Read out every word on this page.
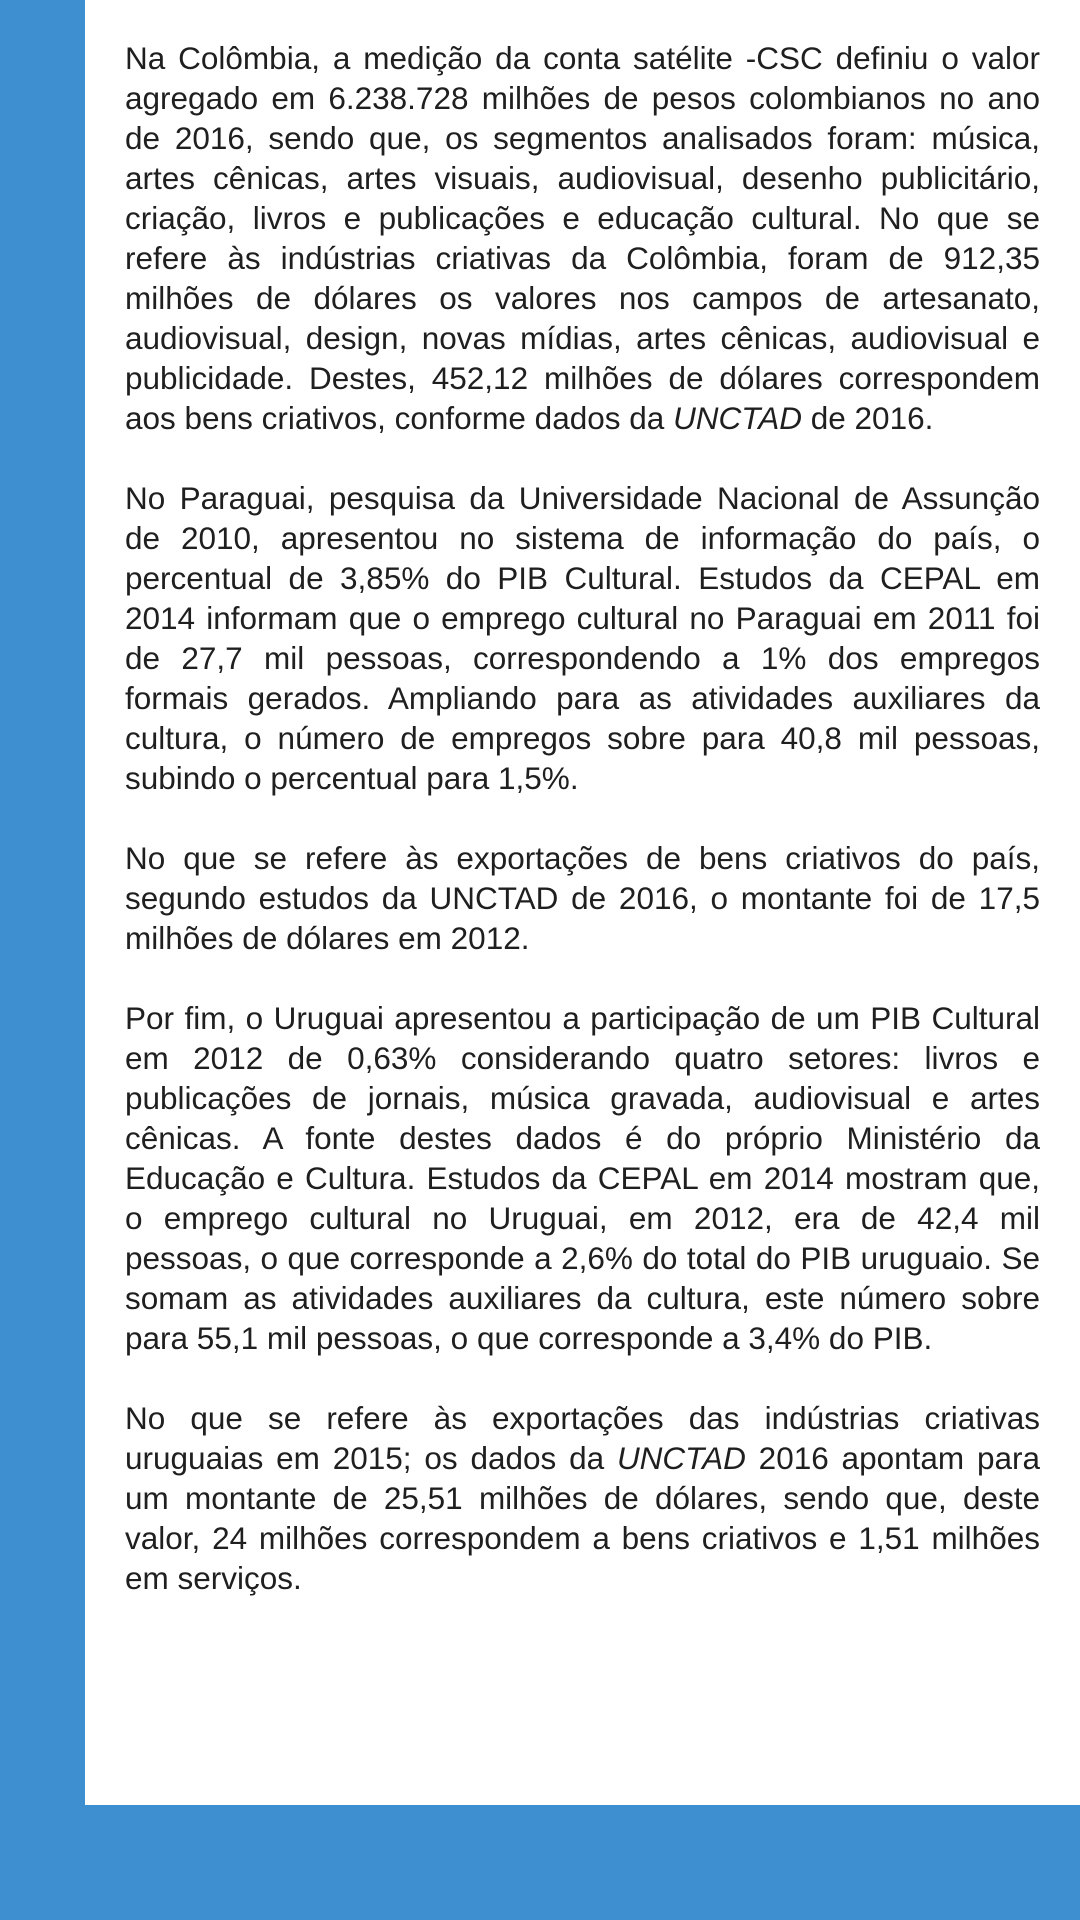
Na Colômbia, a medição da conta satélite -CSC definiu o valor agregado em 6.238.728 milhões de pesos colombianos no ano de 2016, sendo que, os segmentos analisados foram: música, artes cênicas, artes visuais, audiovisual, desenho publicitário, criação, livros e publicações e educação cultural. No que se refere às indústrias criativas da Colômbia, foram de 912,35 milhões de dólares os valores nos campos de artesanato, audiovisual, design, novas mídias, artes cênicas, audiovisual e publicidade. Destes, 452,12 milhões de dólares correspondem aos bens criativos, conforme dados da UNCTAD de 2016.

No Paraguai, pesquisa da Universidade Nacional de Assunção de 2010, apresentou no sistema de informação do país, o percentual de 3,85% do PIB Cultural. Estudos da CEPAL em 2014 informam que o emprego cultural no Paraguai em 2011 foi de 27,7 mil pessoas, correspondendo a 1% dos empregos formais gerados. Ampliando para as atividades auxiliares da cultura, o número de empregos sobre para 40,8 mil pessoas, subindo o percentual para 1,5%.

No que se refere às exportações de bens criativos do país, segundo estudos da UNCTAD de 2016, o montante foi de 17,5 milhões de dólares em 2012.

Por fim, o Uruguai apresentou a participação de um PIB Cultural em 2012 de 0,63% considerando quatro setores: livros e publicações de jornais, música gravada, audiovisual e artes cênicas. A fonte destes dados é do próprio Ministério da Educação e Cultura. Estudos da CEPAL em 2014 mostram que, o emprego cultural no Uruguai, em 2012, era de 42,4 mil pessoas, o que corresponde a 2,6% do total do PIB uruguaio. Se somam as atividades auxiliares da cultura, este número sobre para 55,1 mil pessoas, o que corresponde a 3,4% do PIB.

No que se refere às exportações das indústrias criativas uruguaias em 2015; os dados da UNCTAD 2016 apontam para um montante de 25,51 milhões de dólares, sendo que, deste valor, 24 milhões correspondem a bens criativos e 1,51 milhões em serviços.
